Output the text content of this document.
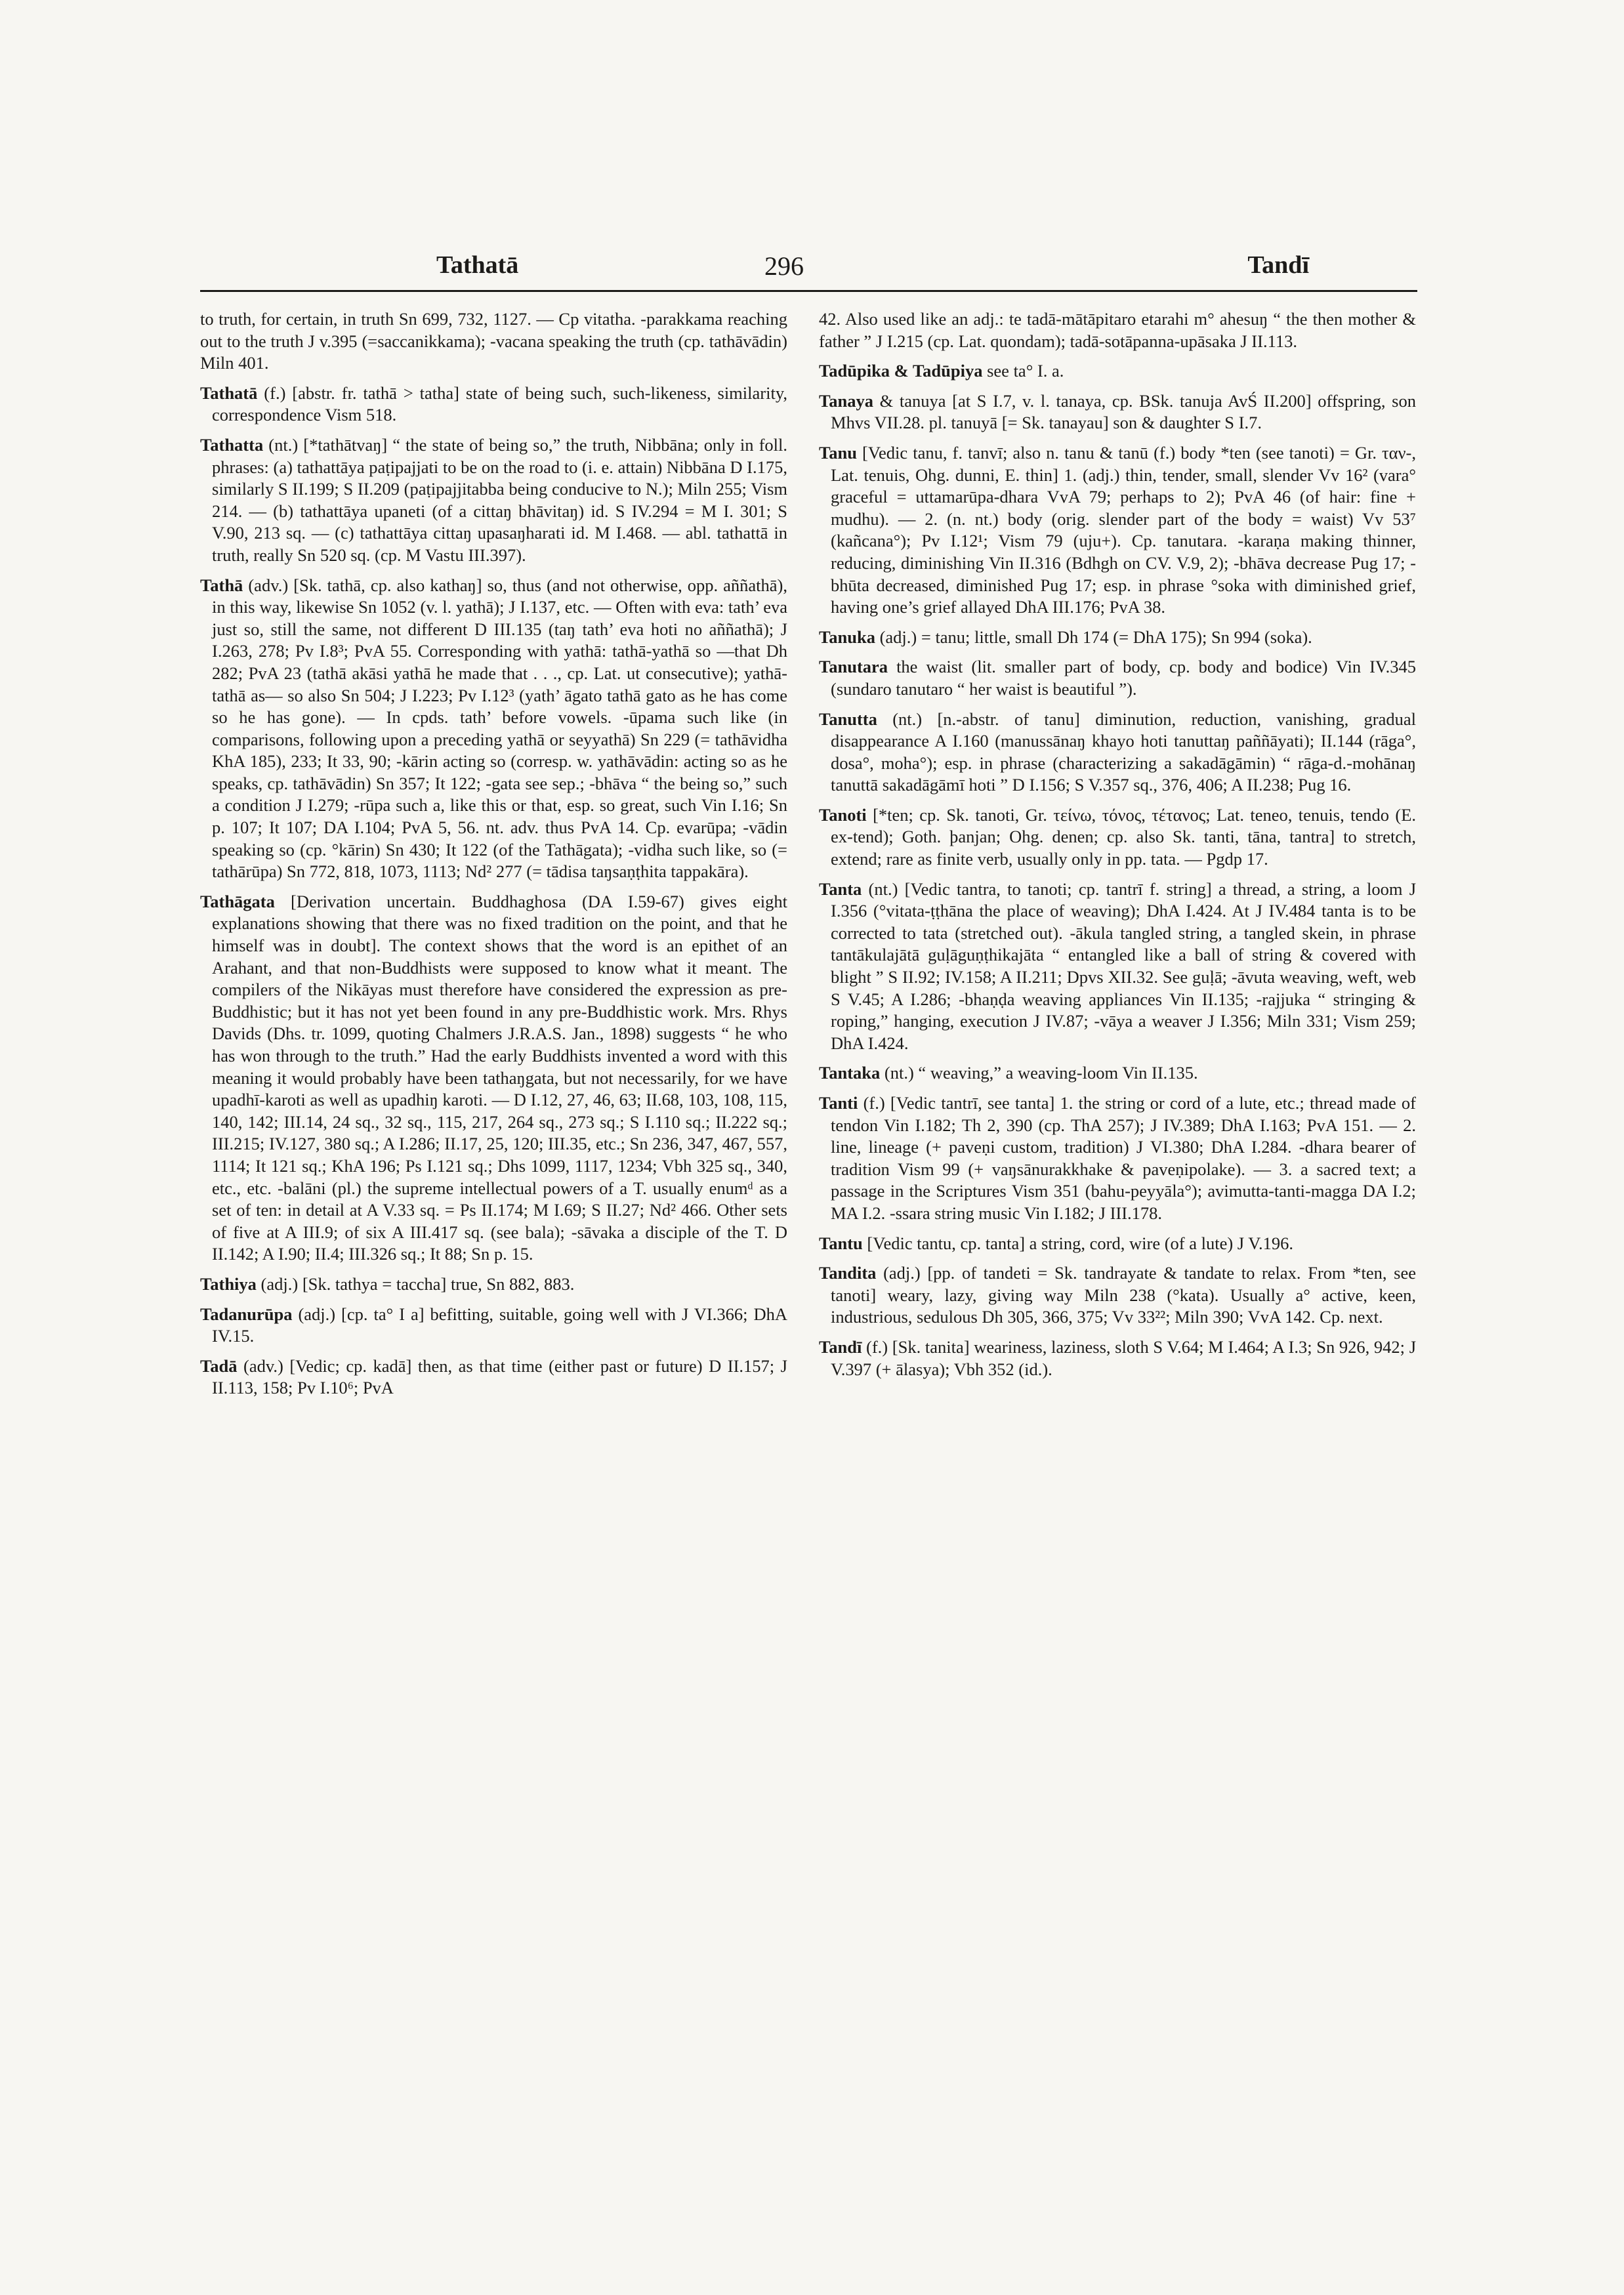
Tathatā	296	Tandī

to truth, for certain, in truth Sn 699, 732, 1127. — Cp vitatha. -parakkama reaching out to the truth J v.395 (=saccanikkama); -vacana speaking the truth (cp. tathāvādin) Miln 401.

Tathatā (f.) [abstr. fr. tathā > tatha] state of being such, such-likeness, similarity, correspondence Vism 518.

Tathatta (nt.) [*tathātvaŋ] “ the state of being so,” the truth, Nibbāna; only in foll. phrases: (a) tathattāya paṭipajjati to be on the road to (i. e. attain) Nibbāna D I.175, similarly S II.199; S II.209 (paṭipajjitabba being conducive to N.); Miln 255; Vism 214. — (b) tathattāya upaneti (of a cittaŋ bhāvitaŋ) id. S IV.294 = M I. 301; S V.90, 213 sq. — (c) tathattāya cittaŋ upasaŋharati id. M I.468. — abl. tathattā in truth, really Sn 520 sq. (cp. M Vastu III.397).

Tathā (adv.) [Sk. tathā, cp. also kathaŋ] so, thus (and not otherwise, opp. aññathā), in this way, likewise Sn 1052 (v. l. yathā); J I.137, etc. — Often with eva: tath’ eva just so, still the same, not different D III.135 (taŋ tath’ eva hoti no aññathā); J I.263, 278; Pv I.8³; PvA 55. Corresponding with yathā: tathā-yathā so —that Dh 282; PvA 23 (tathā akāsi yathā he made that . . ., cp. Lat. ut consecutive); yathā-tathā as— so also Sn 504; J I.223; Pv I.12³ (yath’ āgato tathā gato as he has come so he has gone). — In cpds. tath’ before vowels. -ūpama such like (in comparisons, following upon a preceding yathā or seyyathā) Sn 229 (= tathāvidha KhA 185), 233; It 33, 90; -kārin acting so (corresp. w. yathāvādin: acting so as he speaks, cp. tathāvādin) Sn 357; It 122; -gata see sep.; -bhāva “ the being so,” such a condition J I.279; -rūpa such a, like this or that, esp. so great, such Vin I.16; Sn p. 107; It 107; DA I.104; PvA 5, 56. nt. adv. thus PvA 14. Cp. evarūpa; -vādin speaking so (cp. °kārin) Sn 430; It 122 (of the Tathāgata); -vidha such like, so (= tathārūpa) Sn 772, 818, 1073, 1113; Nd² 277 (= tādisa taŋsaṇṭhita tappakāra).

Tathāgata [Derivation uncertain. Buddhaghosa (DA I.59-67) gives eight explanations showing that there was no fixed tradition on the point, and that he himself was in doubt]. The context shows that the word is an epithet of an Arahant, and that non-Buddhists were supposed to know what it meant. The compilers of the Nikāyas must therefore have considered the expression as pre-Buddhistic; but it has not yet been found in any pre-Buddhistic work. Mrs. Rhys Davids (Dhs. tr. 1099, quoting Chalmers J.R.A.S. Jan., 1898) suggests “ he who has won through to the truth.” Had the early Buddhists invented a word with this meaning it would probably have been tathaŋgata, but not necessarily, for we have upadhī-karoti as well as upadhiŋ karoti. — D I.12, 27, 46, 63; II.68, 103, 108, 115, 140, 142; III.14, 24 sq., 32 sq., 115, 217, 264 sq., 273 sq.; S I.110 sq.; II.222 sq.; III.215; IV.127, 380 sq.; A I.286; II.17, 25, 120; III.35, etc.; Sn 236, 347, 467, 557, 1114; It 121 sq.; KhA 196; Ps I.121 sq.; Dhs 1099, 1117, 1234; Vbh 325 sq., 340, etc., etc. -balāni (pl.) the supreme intellectual powers of a T. usually enumᵈ as a set of ten: in detail at A V.33 sq. = Ps II.174; M I.69; S II.27; Nd² 466. Other sets of five at A III.9; of six A III.417 sq. (see bala); -sāvaka a disciple of the T. D II.142; A I.90; II.4; III.326 sq.; It 88; Sn p. 15.

Tathiya (adj.) [Sk. tathya = taccha] true, Sn 882, 883.

Tadanurūpa (adj.) [cp. ta° I a] befitting, suitable, going well with J VI.366; DhA IV.15.

Tadā (adv.) [Vedic; cp. kadā] then, as that time (either past or future) D II.157; J II.113, 158; Pv I.10⁶; PvA

42. Also used like an adj.: te tadā-mātāpitaro etarahi m° ahesuŋ “ the then mother & father ” J I.215 (cp. Lat. quondam); tadā-sotāpanna-upāsaka J II.113.

Tadūpika & Tadūpiya see ta° I. a.

Tanaya & tanuya [at S I.7, v. l. tanaya, cp. BSk. tanuja AvŚ II.200] offspring, son Mhvs VII.28. pl. tanuyā [= Sk. tanayau] son & daughter S I.7.

Tanu [Vedic tanu, f. tanvī; also n. tanu & tanū (f.) body *ten (see tanoti) = Gr. ταν-, Lat. tenuis, Ohg. dunni, E. thin] 1. (adj.) thin, tender, small, slender Vv 16² (vara° graceful = uttamarūpa-dhara VvA 79; perhaps to 2); PvA 46 (of hair: fine + mudhu). — 2. (n. nt.) body (orig. slender part of the body = waist) Vv 53⁷ (kañcana°); Pv I.12¹; Vism 79 (uju+). Cp. tanutara. -karaṇa making thinner, reducing, diminishing Vin II.316 (Bdhgh on CV. V.9, 2); -bhāva decrease Pug 17; -bhūta decreased, diminished Pug 17; esp. in phrase °soka with diminished grief, having one’s grief allayed DhA III.176; PvA 38.

Tanuka (adj.) = tanu; little, small Dh 174 (= DhA 175); Sn 994 (soka).

Tanutara the waist (lit. smaller part of body, cp. body and bodice) Vin IV.345 (sundaro tanutaro “ her waist is beautiful ”).

Tanutta (nt.) [n.-abstr. of tanu] diminution, reduction, vanishing, gradual disappearance A I.160 (manussānaŋ khayo hoti tanuttaŋ paññāyati); II.144 (rāga°, dosa°, moha°); esp. in phrase (characterizing a sakadāgāmin) “ rāga-d.-mohānaŋ tanuttā sakadāgāmī hoti ” D I.156; S V.357 sq., 376, 406; A II.238; Pug 16.

Tanoti [*ten; cp. Sk. tanoti, Gr. τείνω, τόνος, τέτανος; Lat. teneo, tenuis, tendo (E. ex-tend); Goth. þanjan; Ohg. denen; cp. also Sk. tanti, tāna, tantra] to stretch, extend; rare as finite verb, usually only in pp. tata. — Pgdp 17.

Tanta (nt.) [Vedic tantra, to tanoti; cp. tantrī f. string] a thread, a string, a loom J I.356 (°vitata-ṭṭhāna the place of weaving); DhA I.424. At J IV.484 tanta is to be corrected to tata (stretched out). -ākula tangled string, a tangled skein, in phrase tantākulajātā guḷāguṇṭhikajāta “ entangled like a ball of string & covered with blight ” S II.92; IV.158; A II.211; Dpvs XII.32. See guḷā; -āvuta weaving, weft, web S V.45; A I.286; -bhaṇḍa weaving appliances Vin II.135; -rajjuka “ stringing & roping,” hanging, execution J IV.87; -vāya a weaver J I.356; Miln 331; Vism 259; DhA I.424.

Tantaka (nt.) “ weaving,” a weaving-loom Vin II.135.

Tanti (f.) [Vedic tantrī, see tanta] 1. the string or cord of a lute, etc.; thread made of tendon Vin I.182; Th 2, 390 (cp. ThA 257); J IV.389; DhA I.163; PvA 151. — 2. line, lineage (+ paveṇi custom, tradition) J VI.380; DhA I.284. -dhara bearer of tradition Vism 99 (+ vaŋsānurakkhake & paveṇipolake). — 3. a sacred text; a passage in the Scriptures Vism 351 (bahu-peyyāla°); avimutta-tanti-magga DA I.2; MA I.2. -ssara string music Vin I.182; J III.178.

Tantu [Vedic tantu, cp. tanta] a string, cord, wire (of a lute) J V.196.

Tandita (adj.) [pp. of tandeti = Sk. tandrayate & tandate to relax. From *ten, see tanoti] weary, lazy, giving way Miln 238 (°kata). Usually a° active, keen, industrious, sedulous Dh 305, 366, 375; Vv 33²²; Miln 390; VvA 142. Cp. next.

Tandī (f.) [Sk. tanita] weariness, laziness, sloth S V.64; M I.464; A I.3; Sn 926, 942; J V.397 (+ ālasya); Vbh 352 (id.).
